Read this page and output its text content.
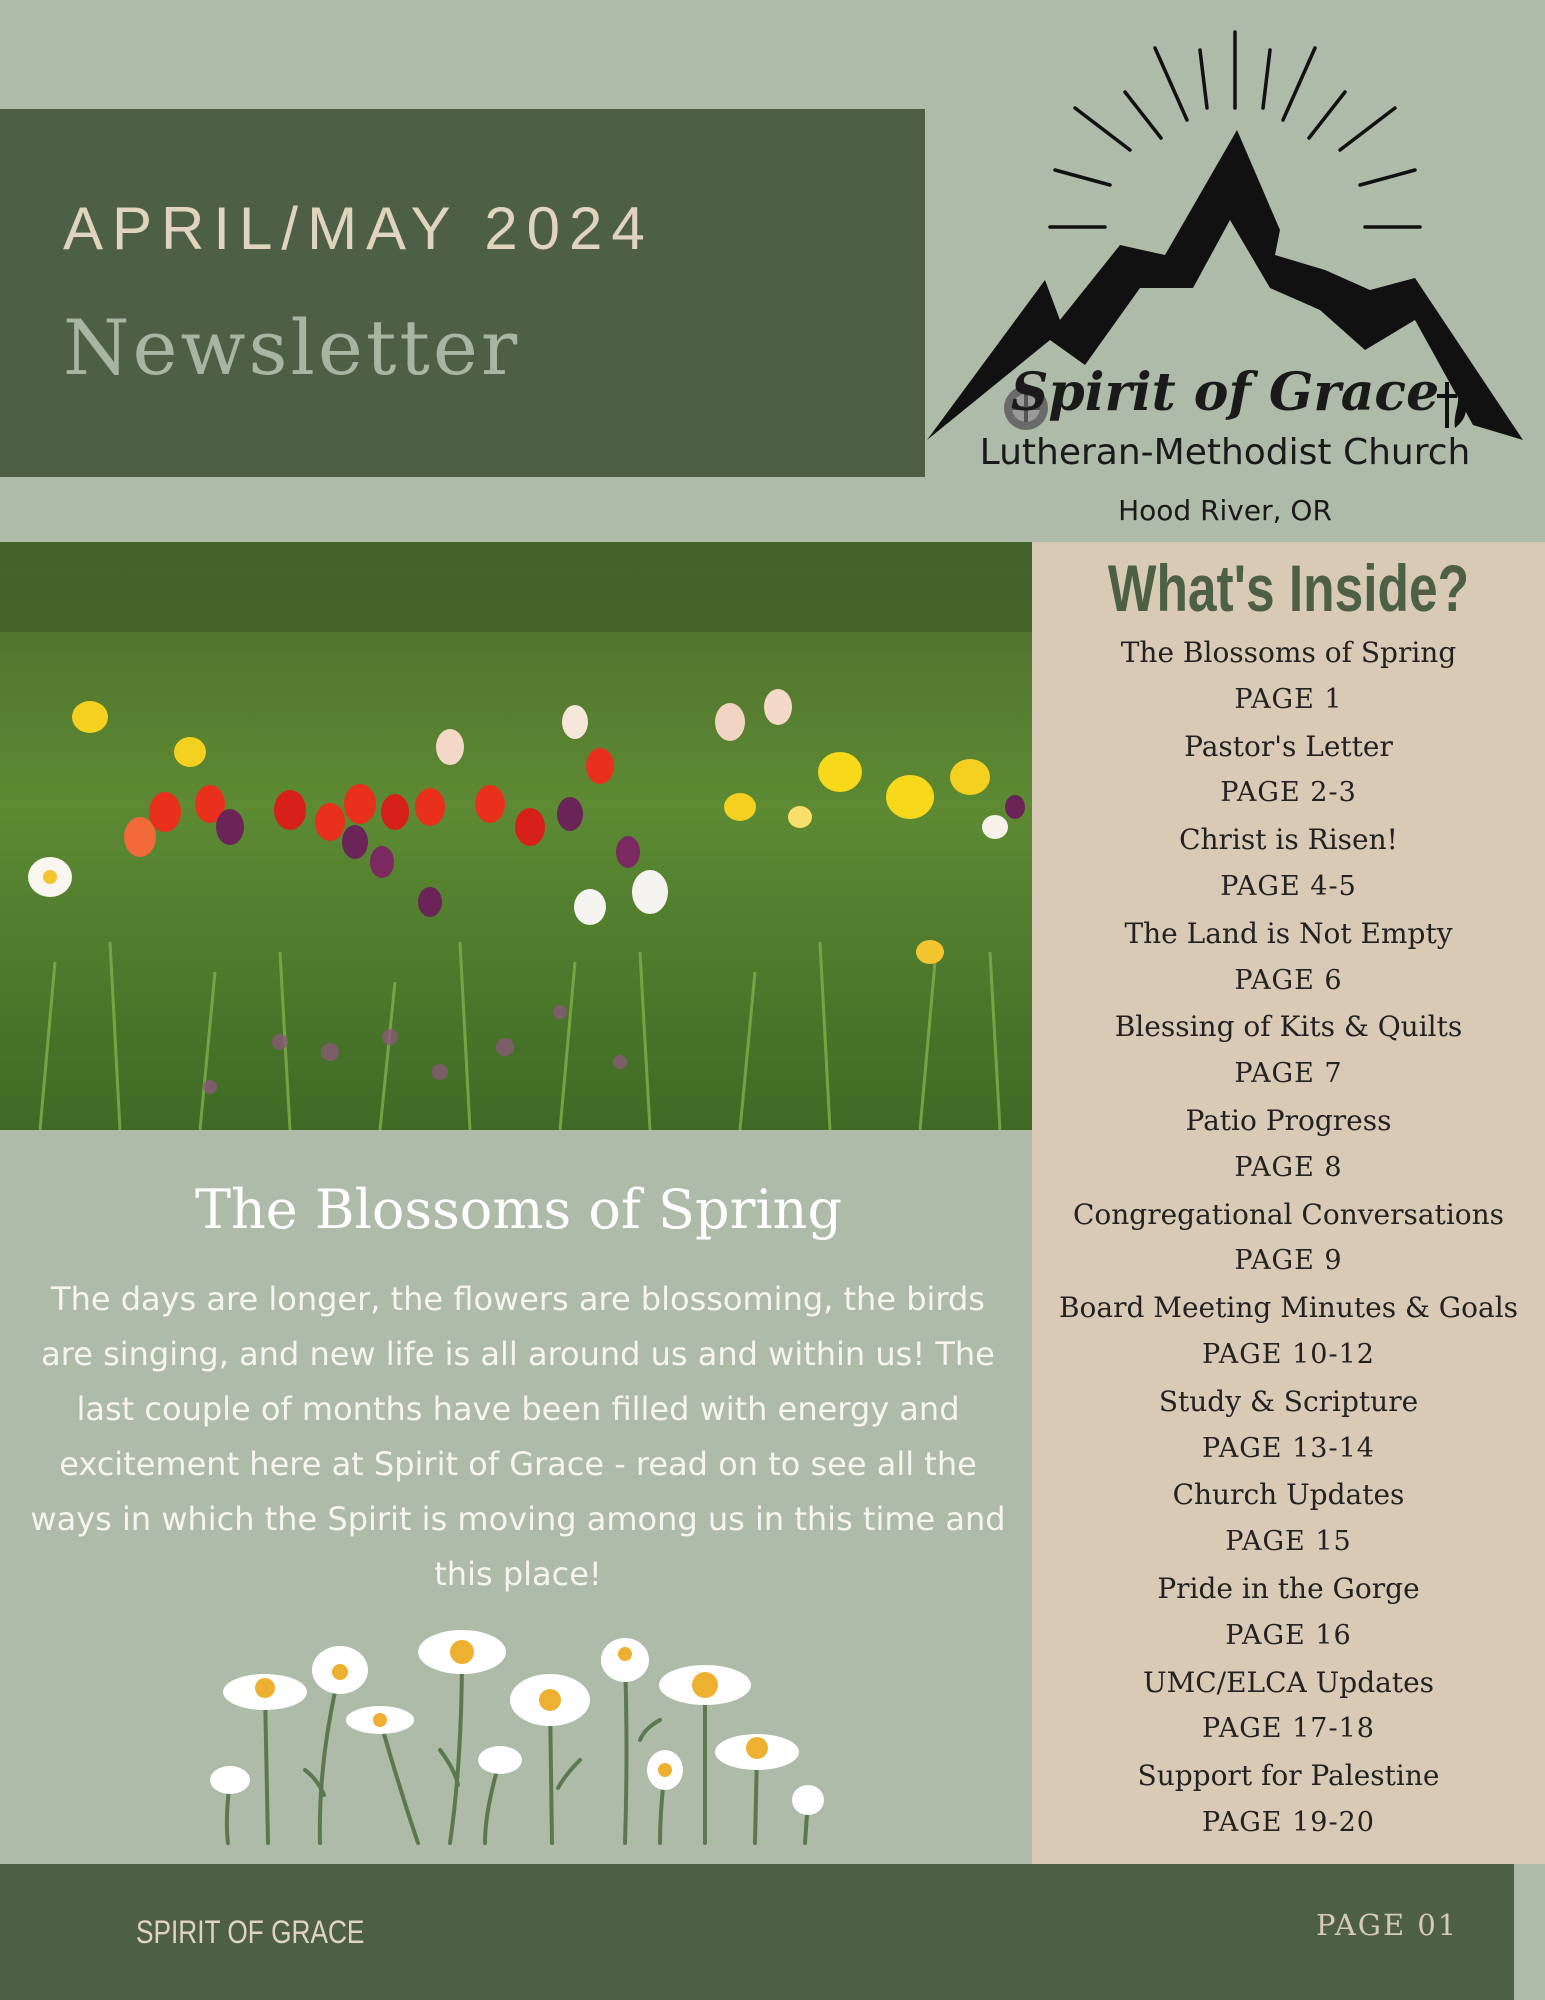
APRIL/MAY 2024
Newsletter
Spirit of Grace
Lutheran-Methodist Church
Hood River, OR
What's Inside?
The Blossoms of Spring
PAGE 1
Pastor's Letter
PAGE 2-3
Christ is Risen!
PAGE 4-5
The Land is Not Empty
PAGE 6
Blessing of Kits & Quilts
PAGE 7
Patio Progress
PAGE 8
Congregational Conversations
PAGE 9
Board Meeting Minutes & Goals
PAGE 10-12
Study & Scripture
PAGE 13-14
Church Updates
PAGE 15
Pride in the Gorge
PAGE 16
UMC/ELCA Updates
PAGE 17-18
Support for Palestine
PAGE 19-20
The Blossoms of Spring

The days are longer, the flowers are blossoming, the birds are singing, and new life is all around us and within us! The last couple of months have been filled with energy and excitement here at Spirit of Grace - read on to see all the ways in which the Spirit is moving among us in this time and this place!

SPIRIT OF GRACE	PAGE 01
